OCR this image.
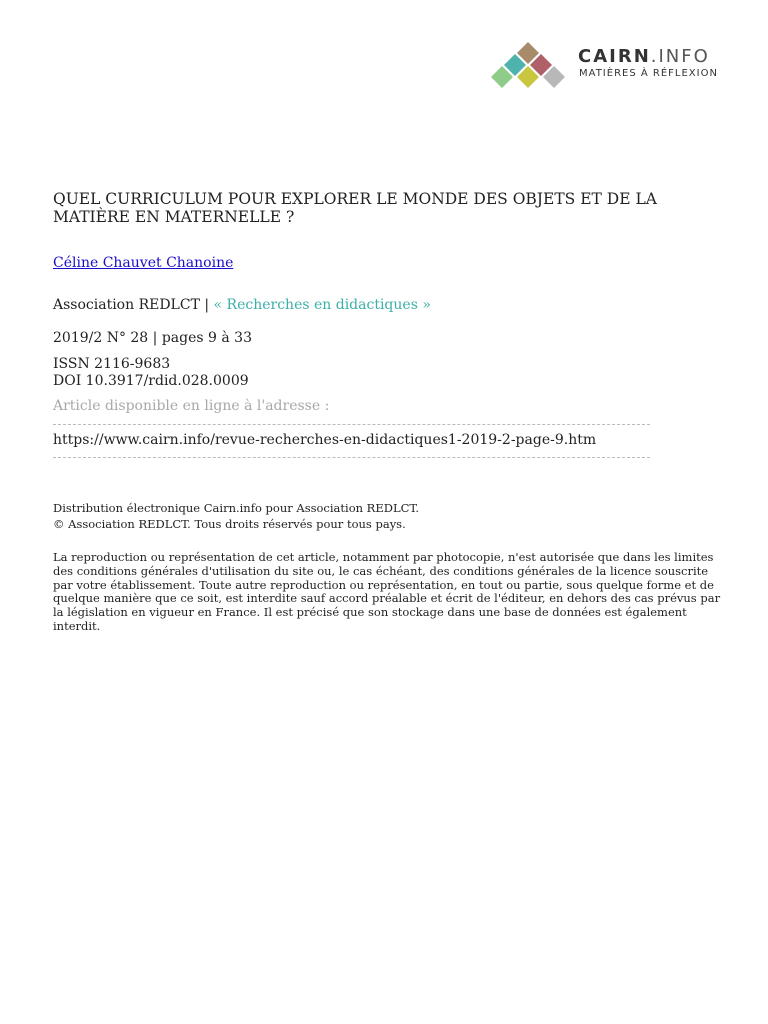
CAIRN.INFO
MATIÈRES À RÉFLEXION
QUEL CURRICULUM POUR EXPLORER LE MONDE DES OBJETS ET DE LA MATIÈRE EN MATERNELLE ?
Céline Chauvet Chanoine
Association REDLCT | « Recherches en didactiques »
2019/2 N° 28 | pages 9 à 33
ISSN 2116-9683
DOI 10.3917/rdid.028.0009
Article disponible en ligne à l'adresse :
https://www.cairn.info/revue-recherches-en-didactiques1-2019-2-page-9.htm

Distribution électronique Cairn.info pour Association REDLCT.

© Association REDLCT. Tous droits réservés pour tous pays.

La reproduction ou représentation de cet article, notamment par photocopie, n'est autorisée que dans les limites des conditions générales d'utilisation du site ou, le cas échéant, des conditions générales de la licence souscrite par votre établissement. Toute autre reproduction ou représentation, en tout ou partie, sous quelque forme et de quelque manière que ce soit, est interdite sauf accord préalable et écrit de l'éditeur, en dehors des cas prévus par la législation en vigueur en France. Il est précisé que son stockage dans une base de données est également interdit.
